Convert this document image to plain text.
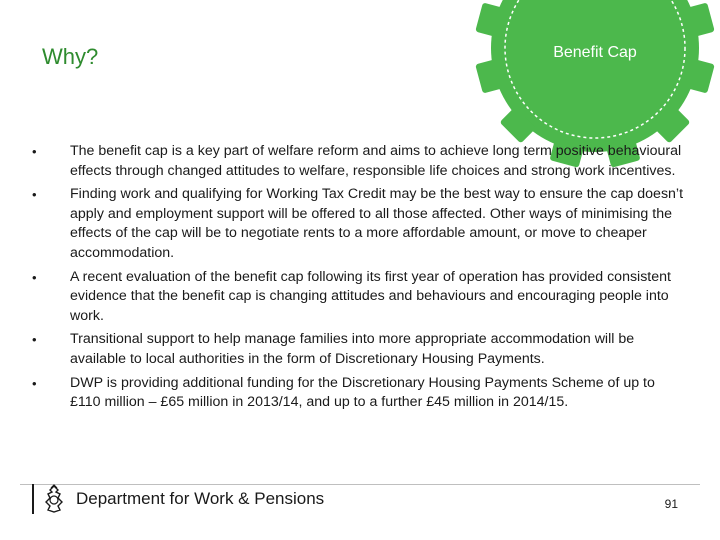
Why?	Benefit Cap
•	The benefit cap is a key part of welfare reform and aims to achieve long term positive behavioural effects through changed attitudes to welfare, responsible life choices and strong work incentives.
•	Finding work and qualifying for Working Tax Credit may be the best way to ensure the cap doesn’t apply and employment support will be offered to all those affected. Other ways of minimising the effects of the cap will be to negotiate rents to a more affordable amount, or move to cheaper accommodation.
•	A recent evaluation of the benefit cap following its first year of operation has provided consistent evidence that the benefit cap is changing attitudes and behaviours and encouraging people into work.
•	Transitional support to help manage families into more appropriate accommodation will be available to local authorities in the form of Discretionary Housing Payments.
•	DWP is providing additional funding for the Discretionary Housing Payments Scheme of up to £110 million – £65 million in 2013/14, and up to a further £45 million in 2014/15.
Department for Work & Pensions	91
